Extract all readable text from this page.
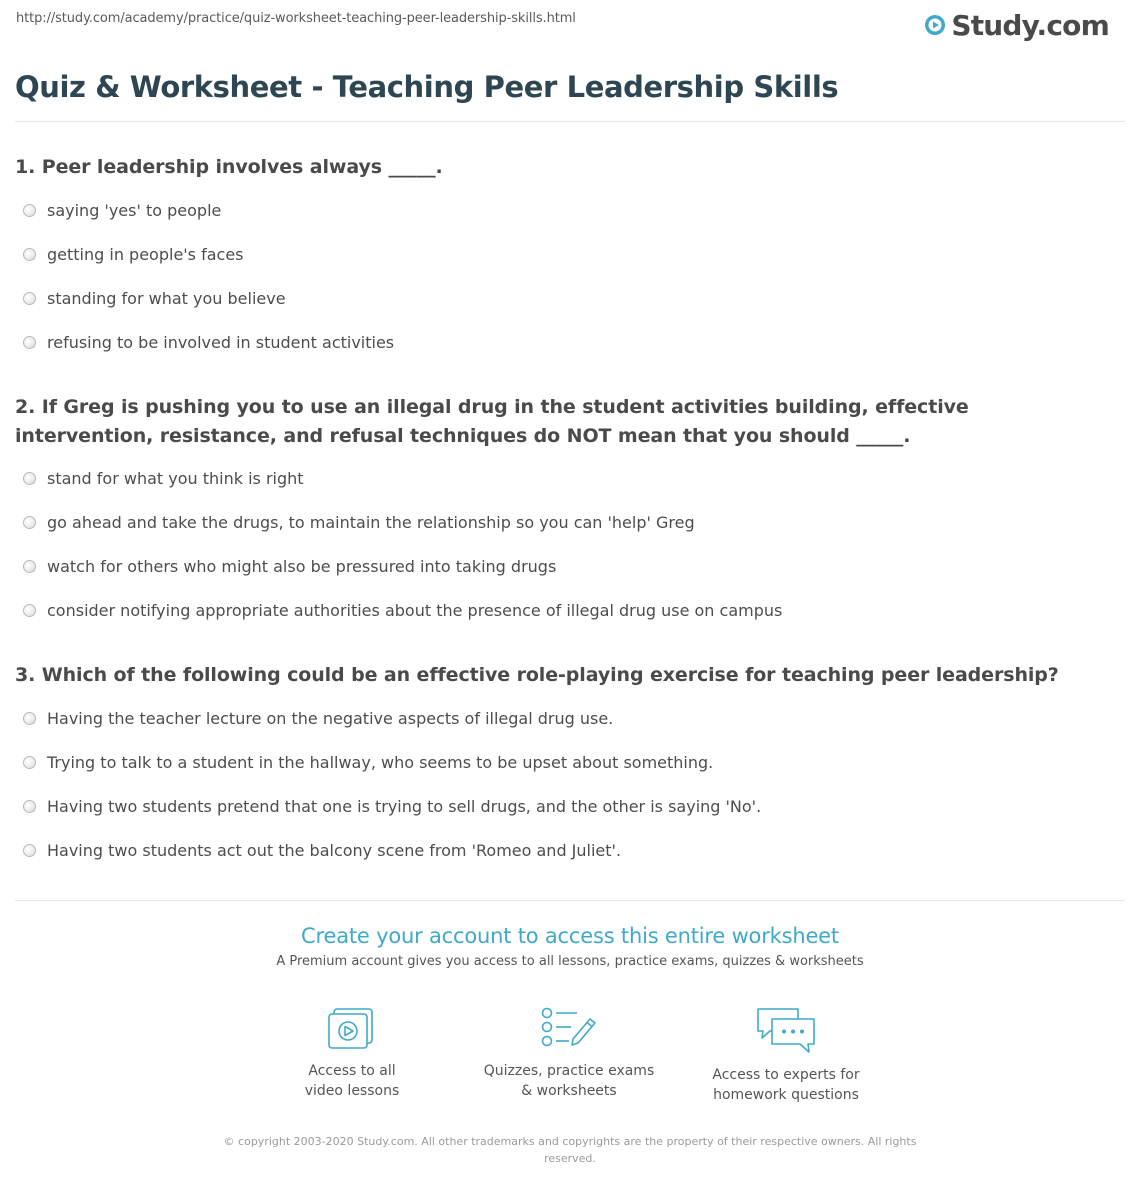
http://study.com/academy/practice/quiz-worksheet-teaching-peer-leadership-skills.html	Study.com
Quiz & Worksheet - Teaching Peer Leadership Skills
1. Peer leadership involves always _____.
saying 'yes' to people
getting in people's faces
standing for what you believe
refusing to be involved in student activities
2. If Greg is pushing you to use an illegal drug in the student activities building, effective intervention, resistance, and refusal techniques do NOT mean that you should _____.
stand for what you think is right
go ahead and take the drugs, to maintain the relationship so you can 'help' Greg
watch for others who might also be pressured into taking drugs
consider notifying appropriate authorities about the presence of illegal drug use on campus
3. Which of the following could be an effective role-playing exercise for teaching peer leadership?
Having the teacher lecture on the negative aspects of illegal drug use.
Trying to talk to a student in the hallway, who seems to be upset about something.
Having two students pretend that one is trying to sell drugs, and the other is saying 'No'.
Having two students act out the balcony scene from 'Romeo and Juliet'.
Create your account to access this entire worksheet
A Premium account gives you access to all lessons, practice exams, quizzes & worksheets
Access to all
video lessons
Quizzes, practice exams
& worksheets
Access to experts for
homework questions
© copyright 2003-2020 Study.com. All other trademarks and copyrights are the property of their respective owners. All rights reserved.
